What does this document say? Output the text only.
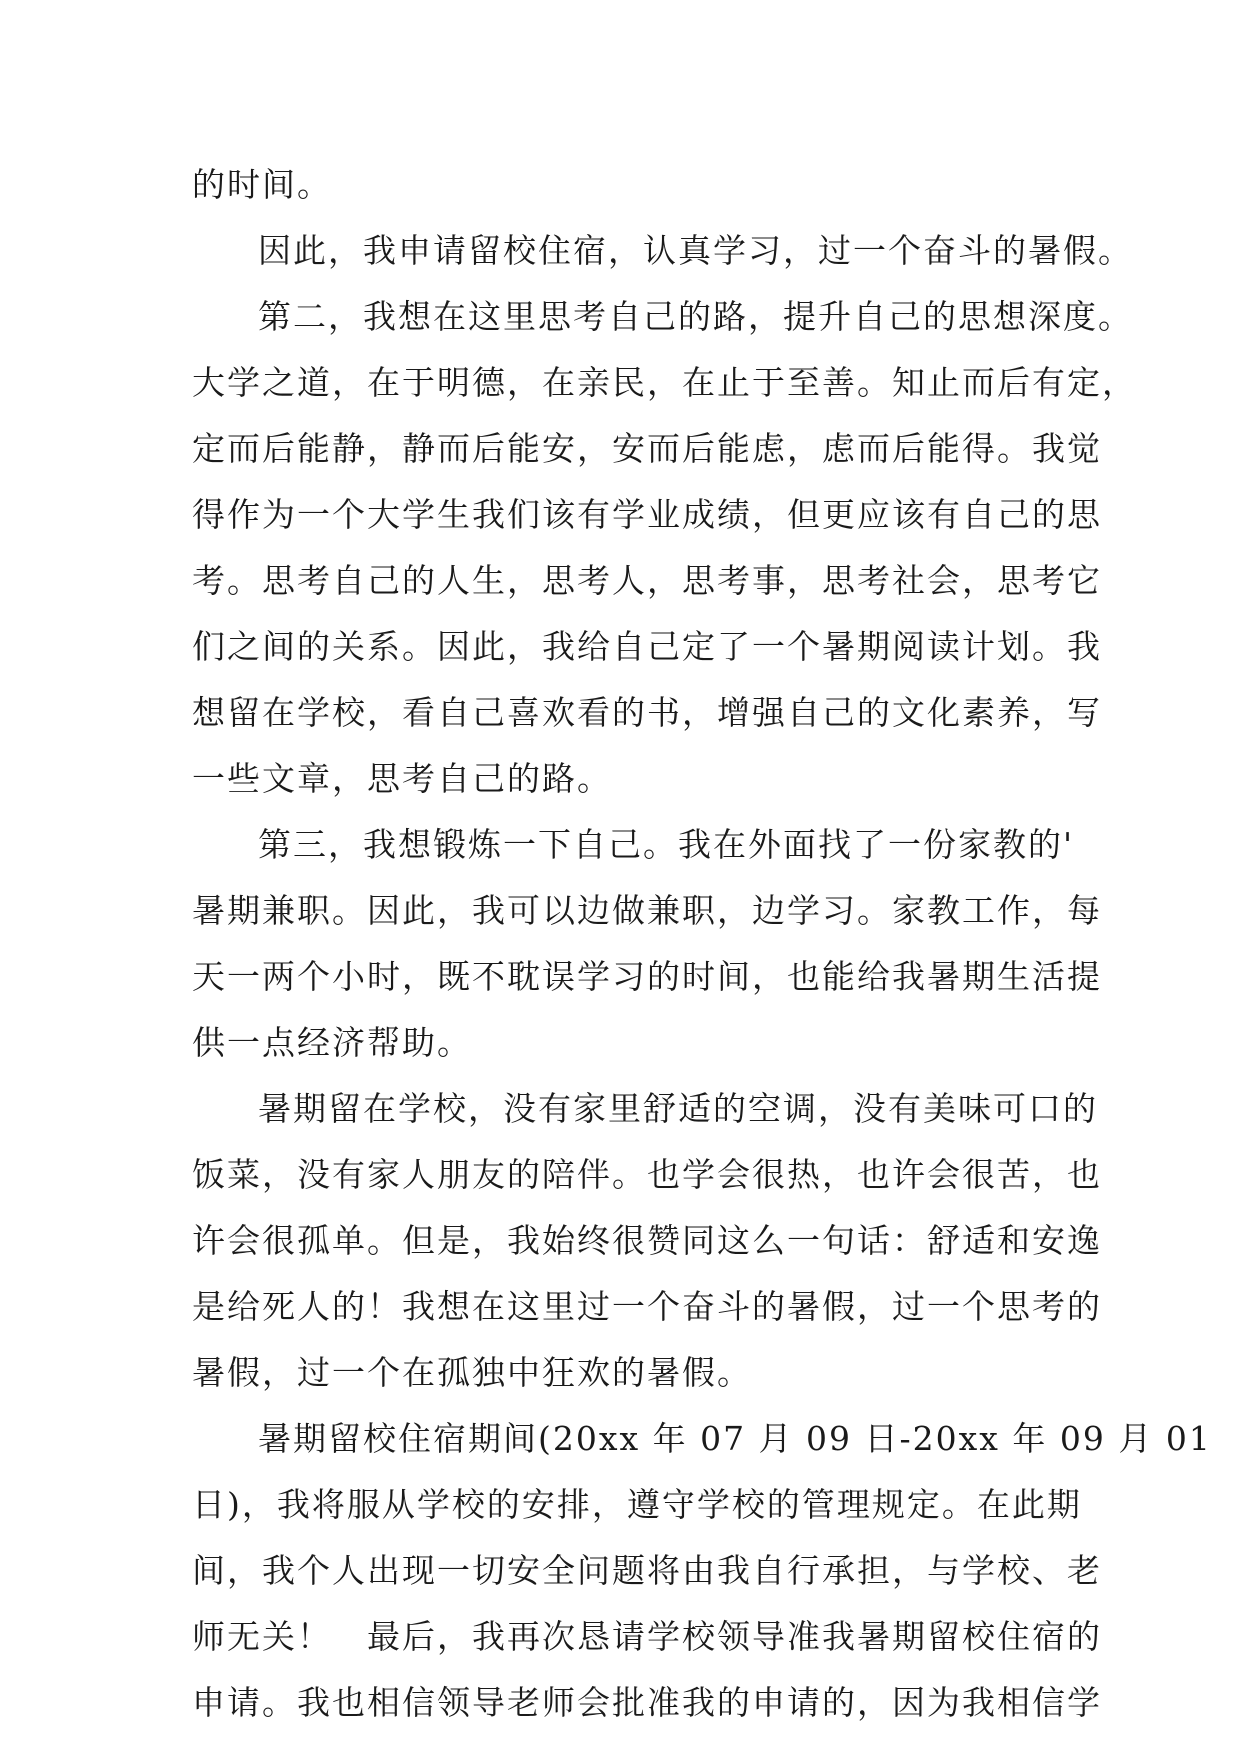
的时间。
因此，我申请留校住宿，认真学习，过一个奋斗的暑假。
第二，我想在这里思考自己的路，提升自己的思想深度。
大学之道，在于明德，在亲民，在止于至善。知止而后有定，
定而后能静，静而后能安，安而后能虑，虑而后能得。我觉
得作为一个大学生我们该有学业成绩，但更应该有自己的思
考。思考自己的人生，思考人，思考事，思考社会，思考它
们之间的关系。因此，我给自己定了一个暑期阅读计划。我
想留在学校，看自己喜欢看的书，增强自己的文化素养，写
一些文章，思考自己的路。
第三，我想锻炼一下自己。我在外面找了一份家教的'
暑期兼职。因此，我可以边做兼职，边学习。家教工作，每
天一两个小时，既不耽误学习的时间，也能给我暑期生活提
供一点经济帮助。
暑期留在学校，没有家里舒适的空调，没有美味可口的
饭菜，没有家人朋友的陪伴。也学会很热，也许会很苦，也
许会很孤单。但是，我始终很赞同这么一句话：舒适和安逸
是给死人的！我想在这里过一个奋斗的暑假，过一个思考的
暑假，过一个在孤独中狂欢的暑假。
暑期留校住宿期间(20xx 年 07 月 09 日-20xx 年 09 月 01
日)，我将服从学校的安排，遵守学校的管理规定。在此期
间，我个人出现一切安全问题将由我自行承担，与学校、老
师无关！　最后，我再次恳请学校领导准我暑期留校住宿的
申请。我也相信领导老师会批准我的申请的，因为我相信学
